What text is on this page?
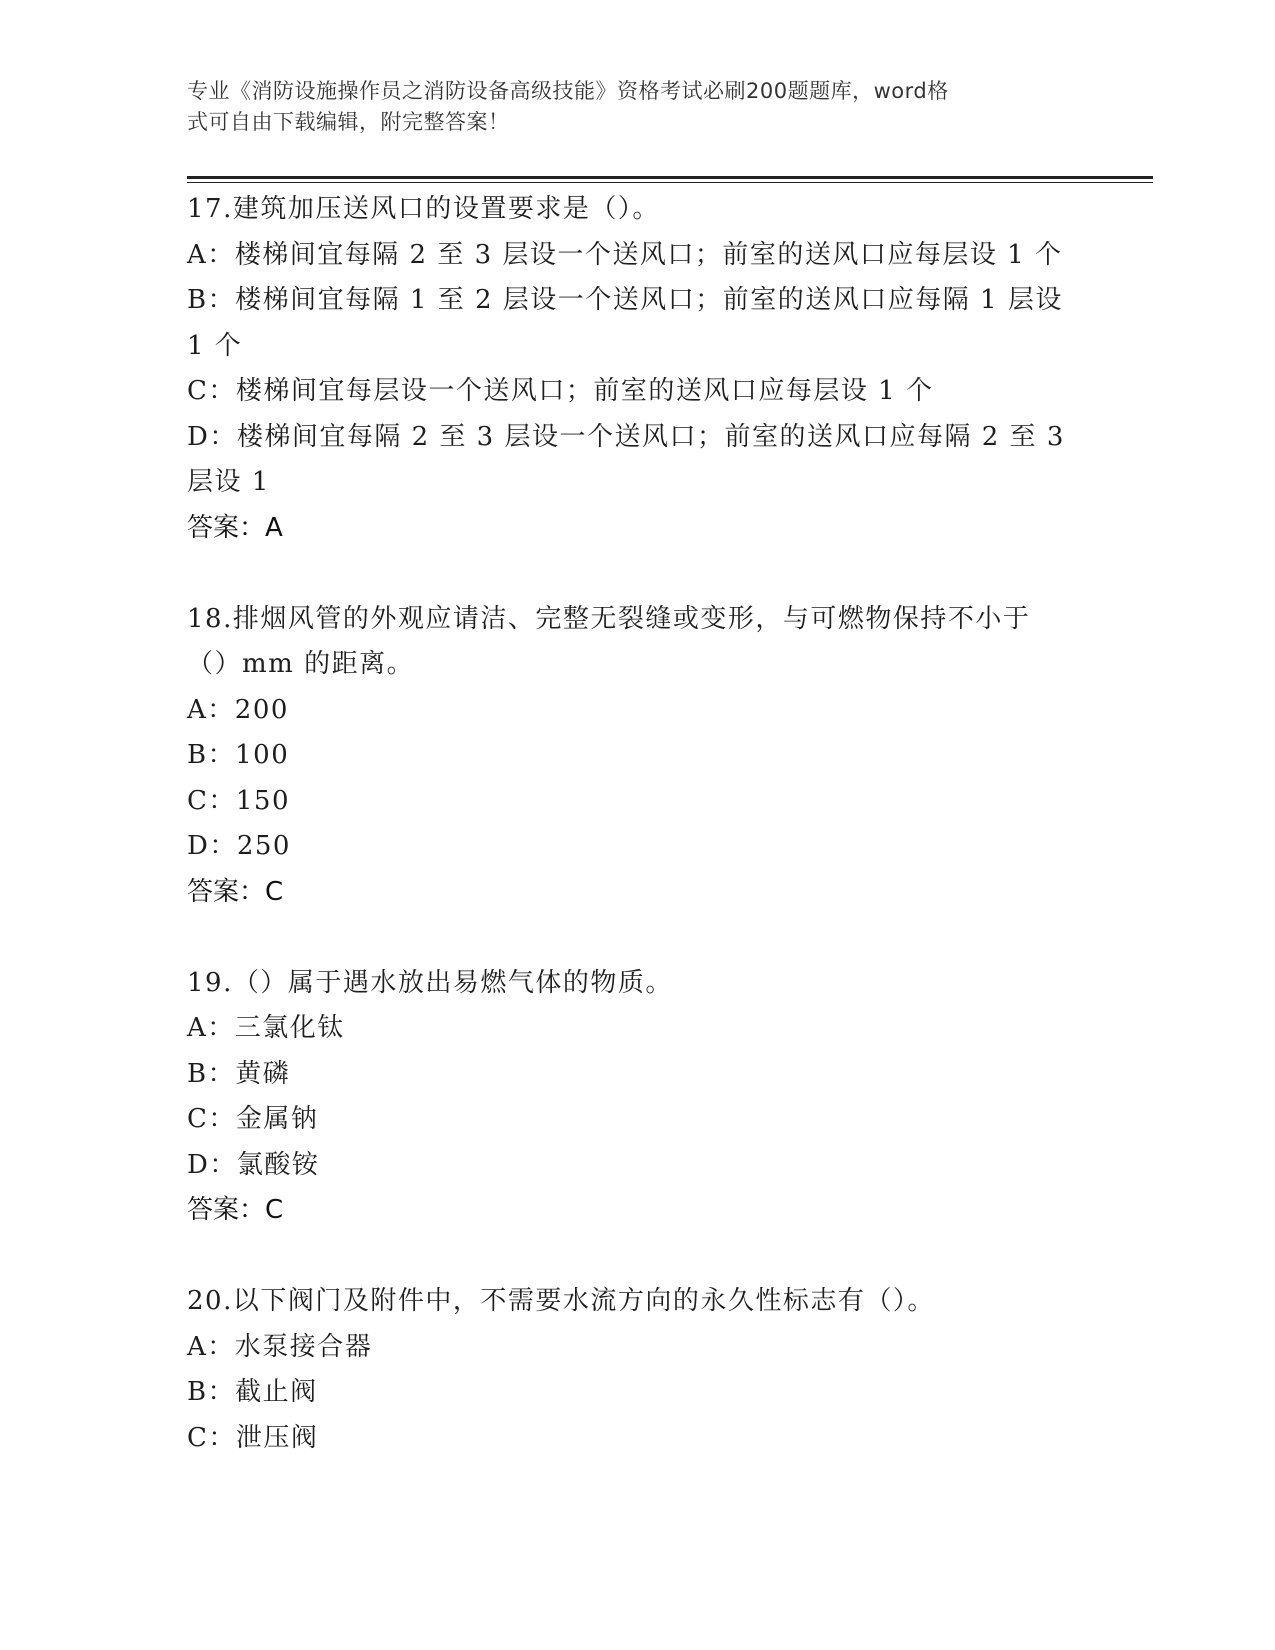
专业《消防设施操作员之消防设备高级技能》资格考试必刷200题题库，word格
式可自由下载编辑，附完整答案！
17.建筑加压送风口的设置要求是（）。
A：楼梯间宜每隔 2 至 3 层设一个送风口；前室的送风口应每层设 1 个
B：楼梯间宜每隔 1 至 2 层设一个送风口；前室的送风口应每隔 1 层设
1 个
C：楼梯间宜每层设一个送风口；前室的送风口应每层设 1 个
D：楼梯间宜每隔 2 至 3 层设一个送风口；前室的送风口应每隔 2 至 3
层设 1
答案：A
18.排烟风管的外观应请洁、完整无裂缝或变形，与可燃物保持不小于
（）mm 的距离。
A：200
B：100
C：150
D：250
答案：C
19.（）属于遇水放出易燃气体的物质。
A：三氯化钛
B：黄磷
C：金属钠
D：氯酸铵
答案：C
20.以下阀门及附件中，不需要水流方向的永久性标志有（）。
A：水泵接合器
B：截止阀
C：泄压阀
